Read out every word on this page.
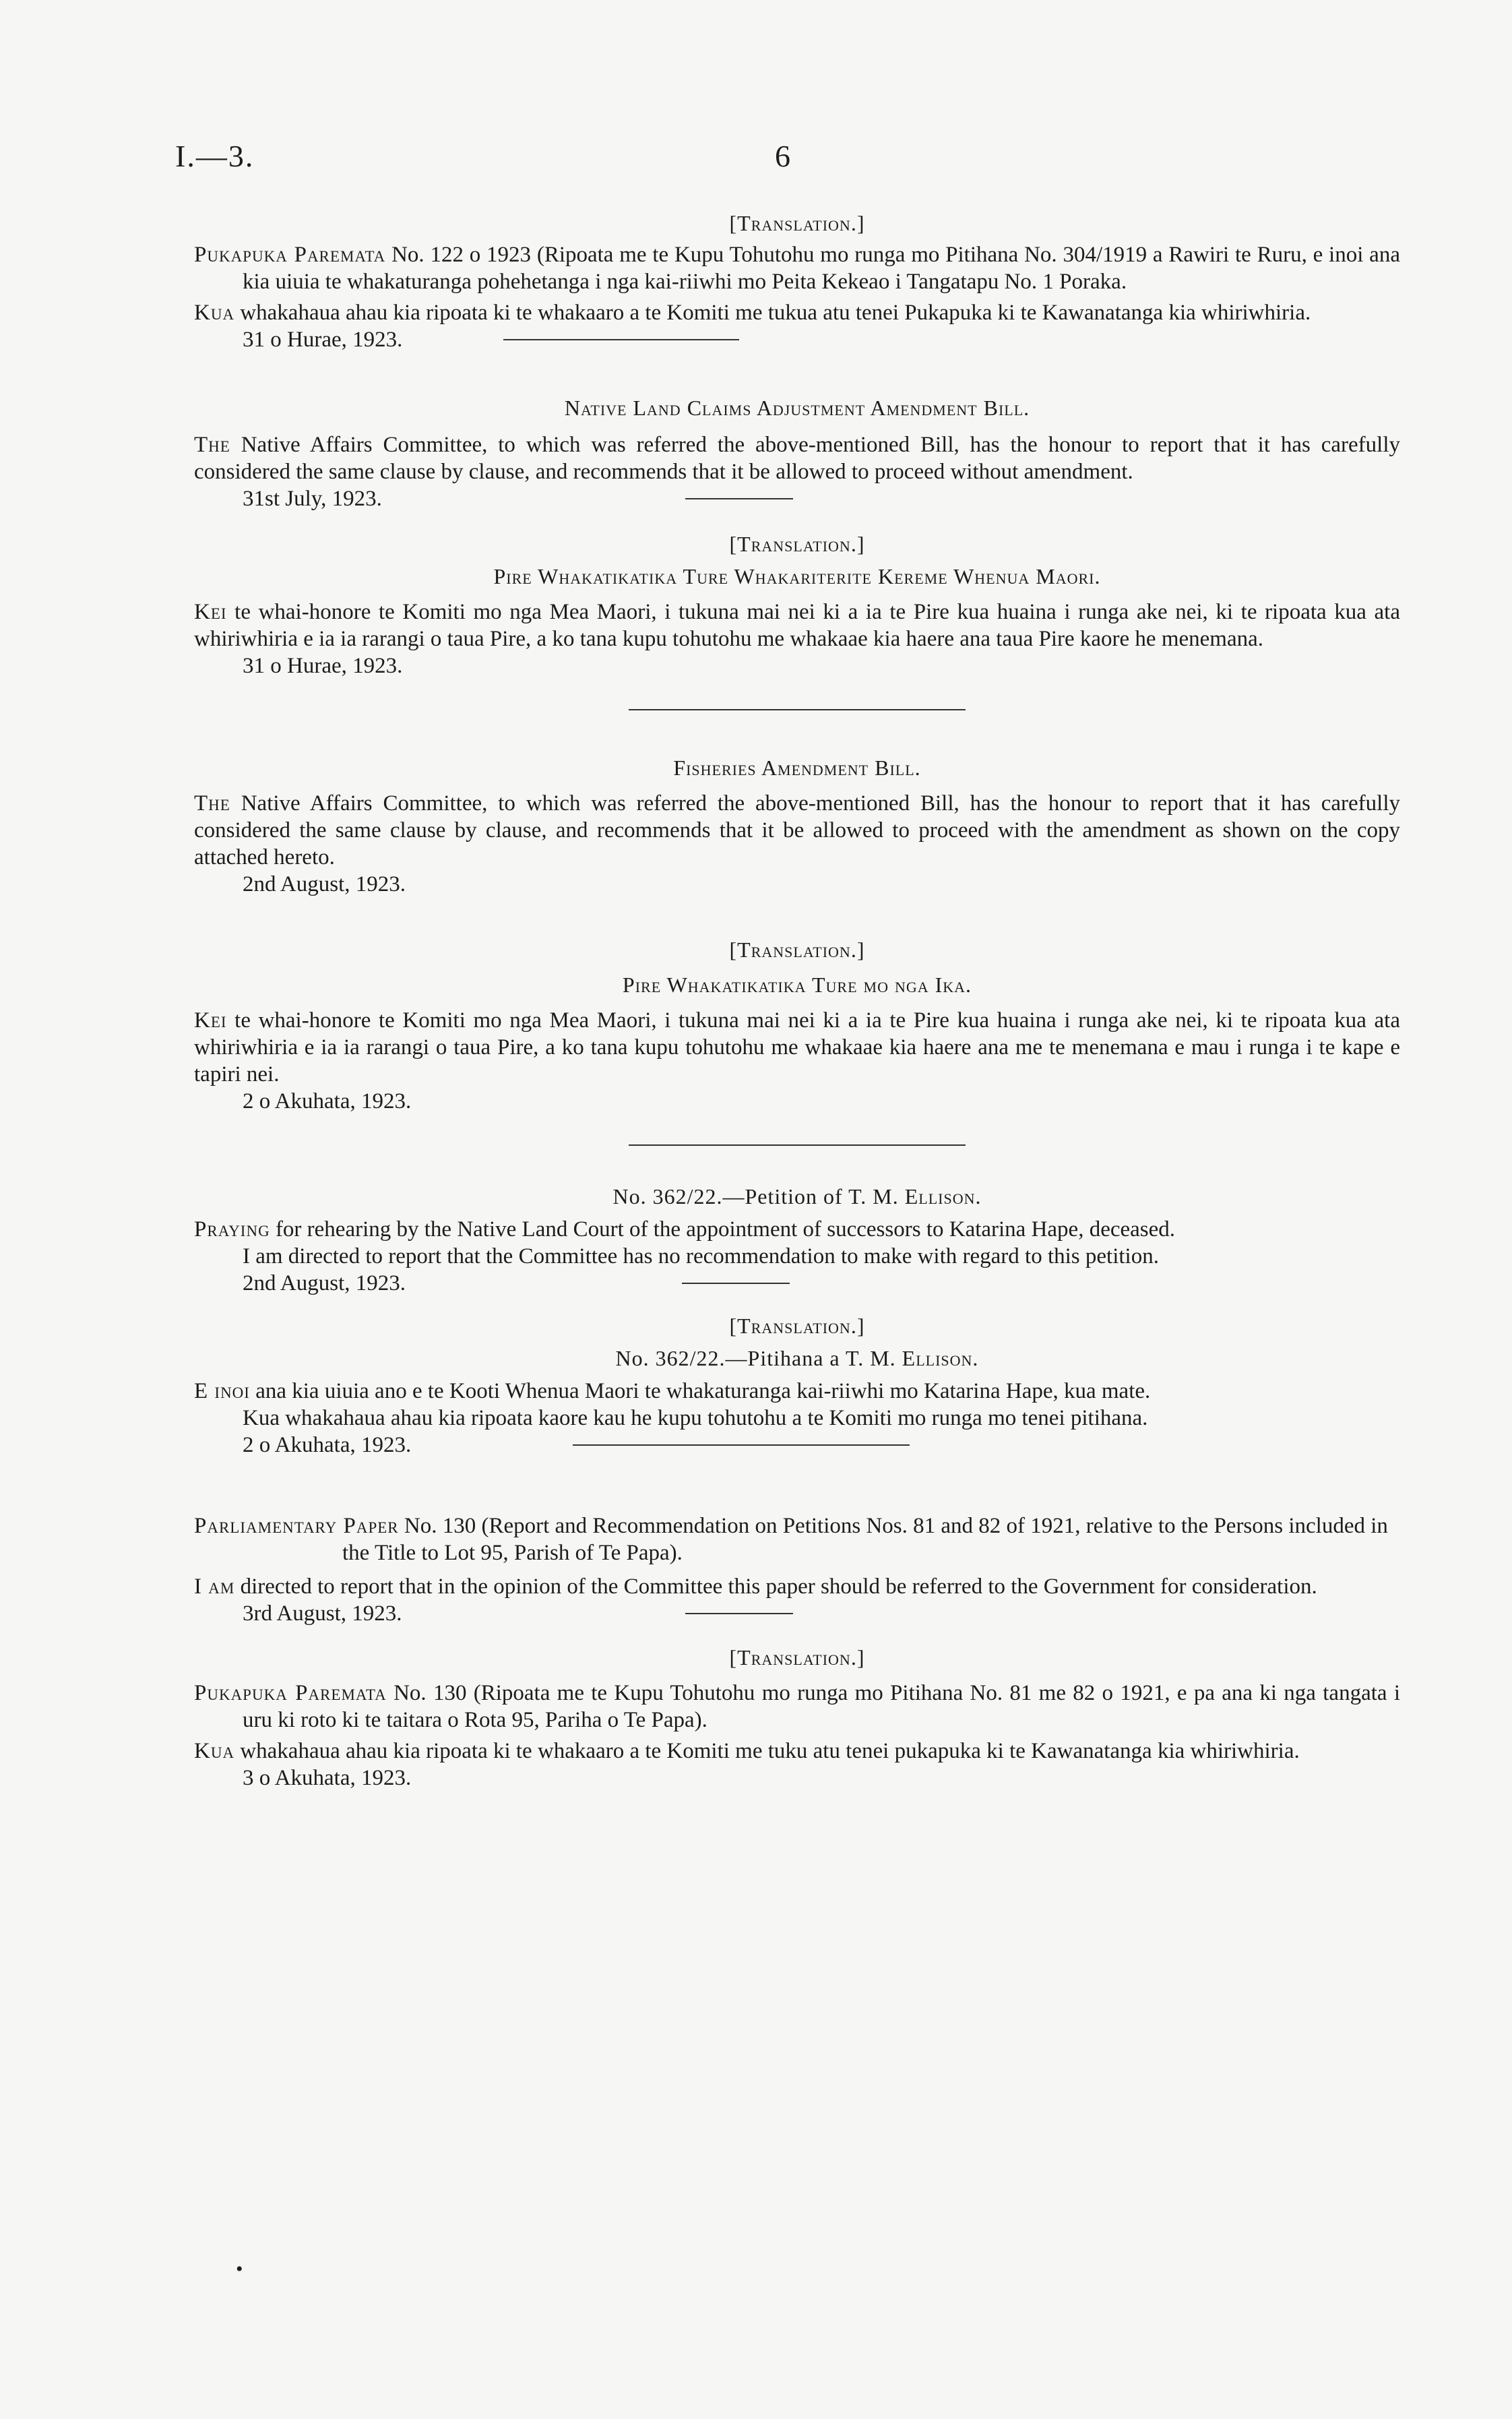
I.—3.	6

[Translation.]

Pukapuka Paremata No. 122 o 1923 (Ripoata me te Kupu Tohutohu mo runga mo Pitihana No. 304/1919 a Rawiri te Ruru, e inoi ana kia uiuia te whakaturanga pohehetanga i nga kai-riiwhi mo Peita Kekeao i Tangatapu No. 1 Poraka.

Kua whakahaua ahau kia ripoata ki te whakaaro a te Komiti me tukua atu tenei Pukapuka ki te Kawanatanga kia whiriwhiria.

31 o Hurae, 1923.

Native Land Claims Adjustment Amendment Bill.

The Native Affairs Committee, to which was referred the above-mentioned Bill, has the honour to report that it has carefully considered the same clause by clause, and recommends that it be allowed to proceed without amendment.

31st July, 1923.

[Translation.]

Pire Whakatikatika Ture Whakariterite Kereme Whenua Maori.

Kei te whai-honore te Komiti mo nga Mea Maori, i tukuna mai nei ki a ia te Pire kua huaina i runga ake nei, ki te ripoata kua ata whiriwhiria e ia ia rarangi o taua Pire, a ko tana kupu tohutohu me whakaae kia haere ana taua Pire kaore he menemana.

31 o Hurae, 1923.

Fisheries Amendment Bill.

The Native Affairs Committee, to which was referred the above-mentioned Bill, has the honour to report that it has carefully considered the same clause by clause, and recommends that it be allowed to proceed with the amendment as shown on the copy attached hereto.

2nd August, 1923.

[Translation.]

Pire Whakatikatika Ture mo nga Ika.

Kei te whai-honore te Komiti mo nga Mea Maori, i tukuna mai nei ki a ia te Pire kua huaina i runga ake nei, ki te ripoata kua ata whiriwhiria e ia ia rarangi o taua Pire, a ko tana kupu tohutohu me whakaae kia haere ana me te menemana e mau i runga i te kape e tapiri nei.

2 o Akuhata, 1923.

No. 362/22.—Petition of T. M. Ellison.

Praying for rehearing by the Native Land Court of the appointment of successors to Katarina Hape, deceased.

I am directed to report that the Committee has no recommendation to make with regard to this petition.

2nd August, 1923.

[Translation.]

No. 362/22.—Pitihana a T. M. Ellison.

E inoi ana kia uiuia ano e te Kooti Whenua Maori te whakaturanga kai-riiwhi mo Katarina Hape, kua mate.

Kua whakahaua ahau kia ripoata kaore kau he kupu tohutohu a te Komiti mo runga mo tenei pitihana.

2 o Akuhata, 1923.

Parliamentary Paper No. 130 (Report and Recommendation on Petitions Nos. 81 and 82 of 1921, relative to the Persons included in the Title to Lot 95, Parish of Te Papa).

I am directed to report that in the opinion of the Committee this paper should be referred to the Government for consideration.

3rd August, 1923.

[Translation.]

Pukapuka Paremata No. 130 (Ripoata me te Kupu Tohutohu mo runga mo Pitihana No. 81 me 82 o 1921, e pa ana ki nga tangata i uru ki roto ki te taitara o Rota 95, Pariha o Te Papa).

Kua whakahaua ahau kia ripoata ki te whakaaro a te Komiti me tuku atu tenei pukapuka ki te Kawanatanga kia whiriwhiria.

3 o Akuhata, 1923.

•
